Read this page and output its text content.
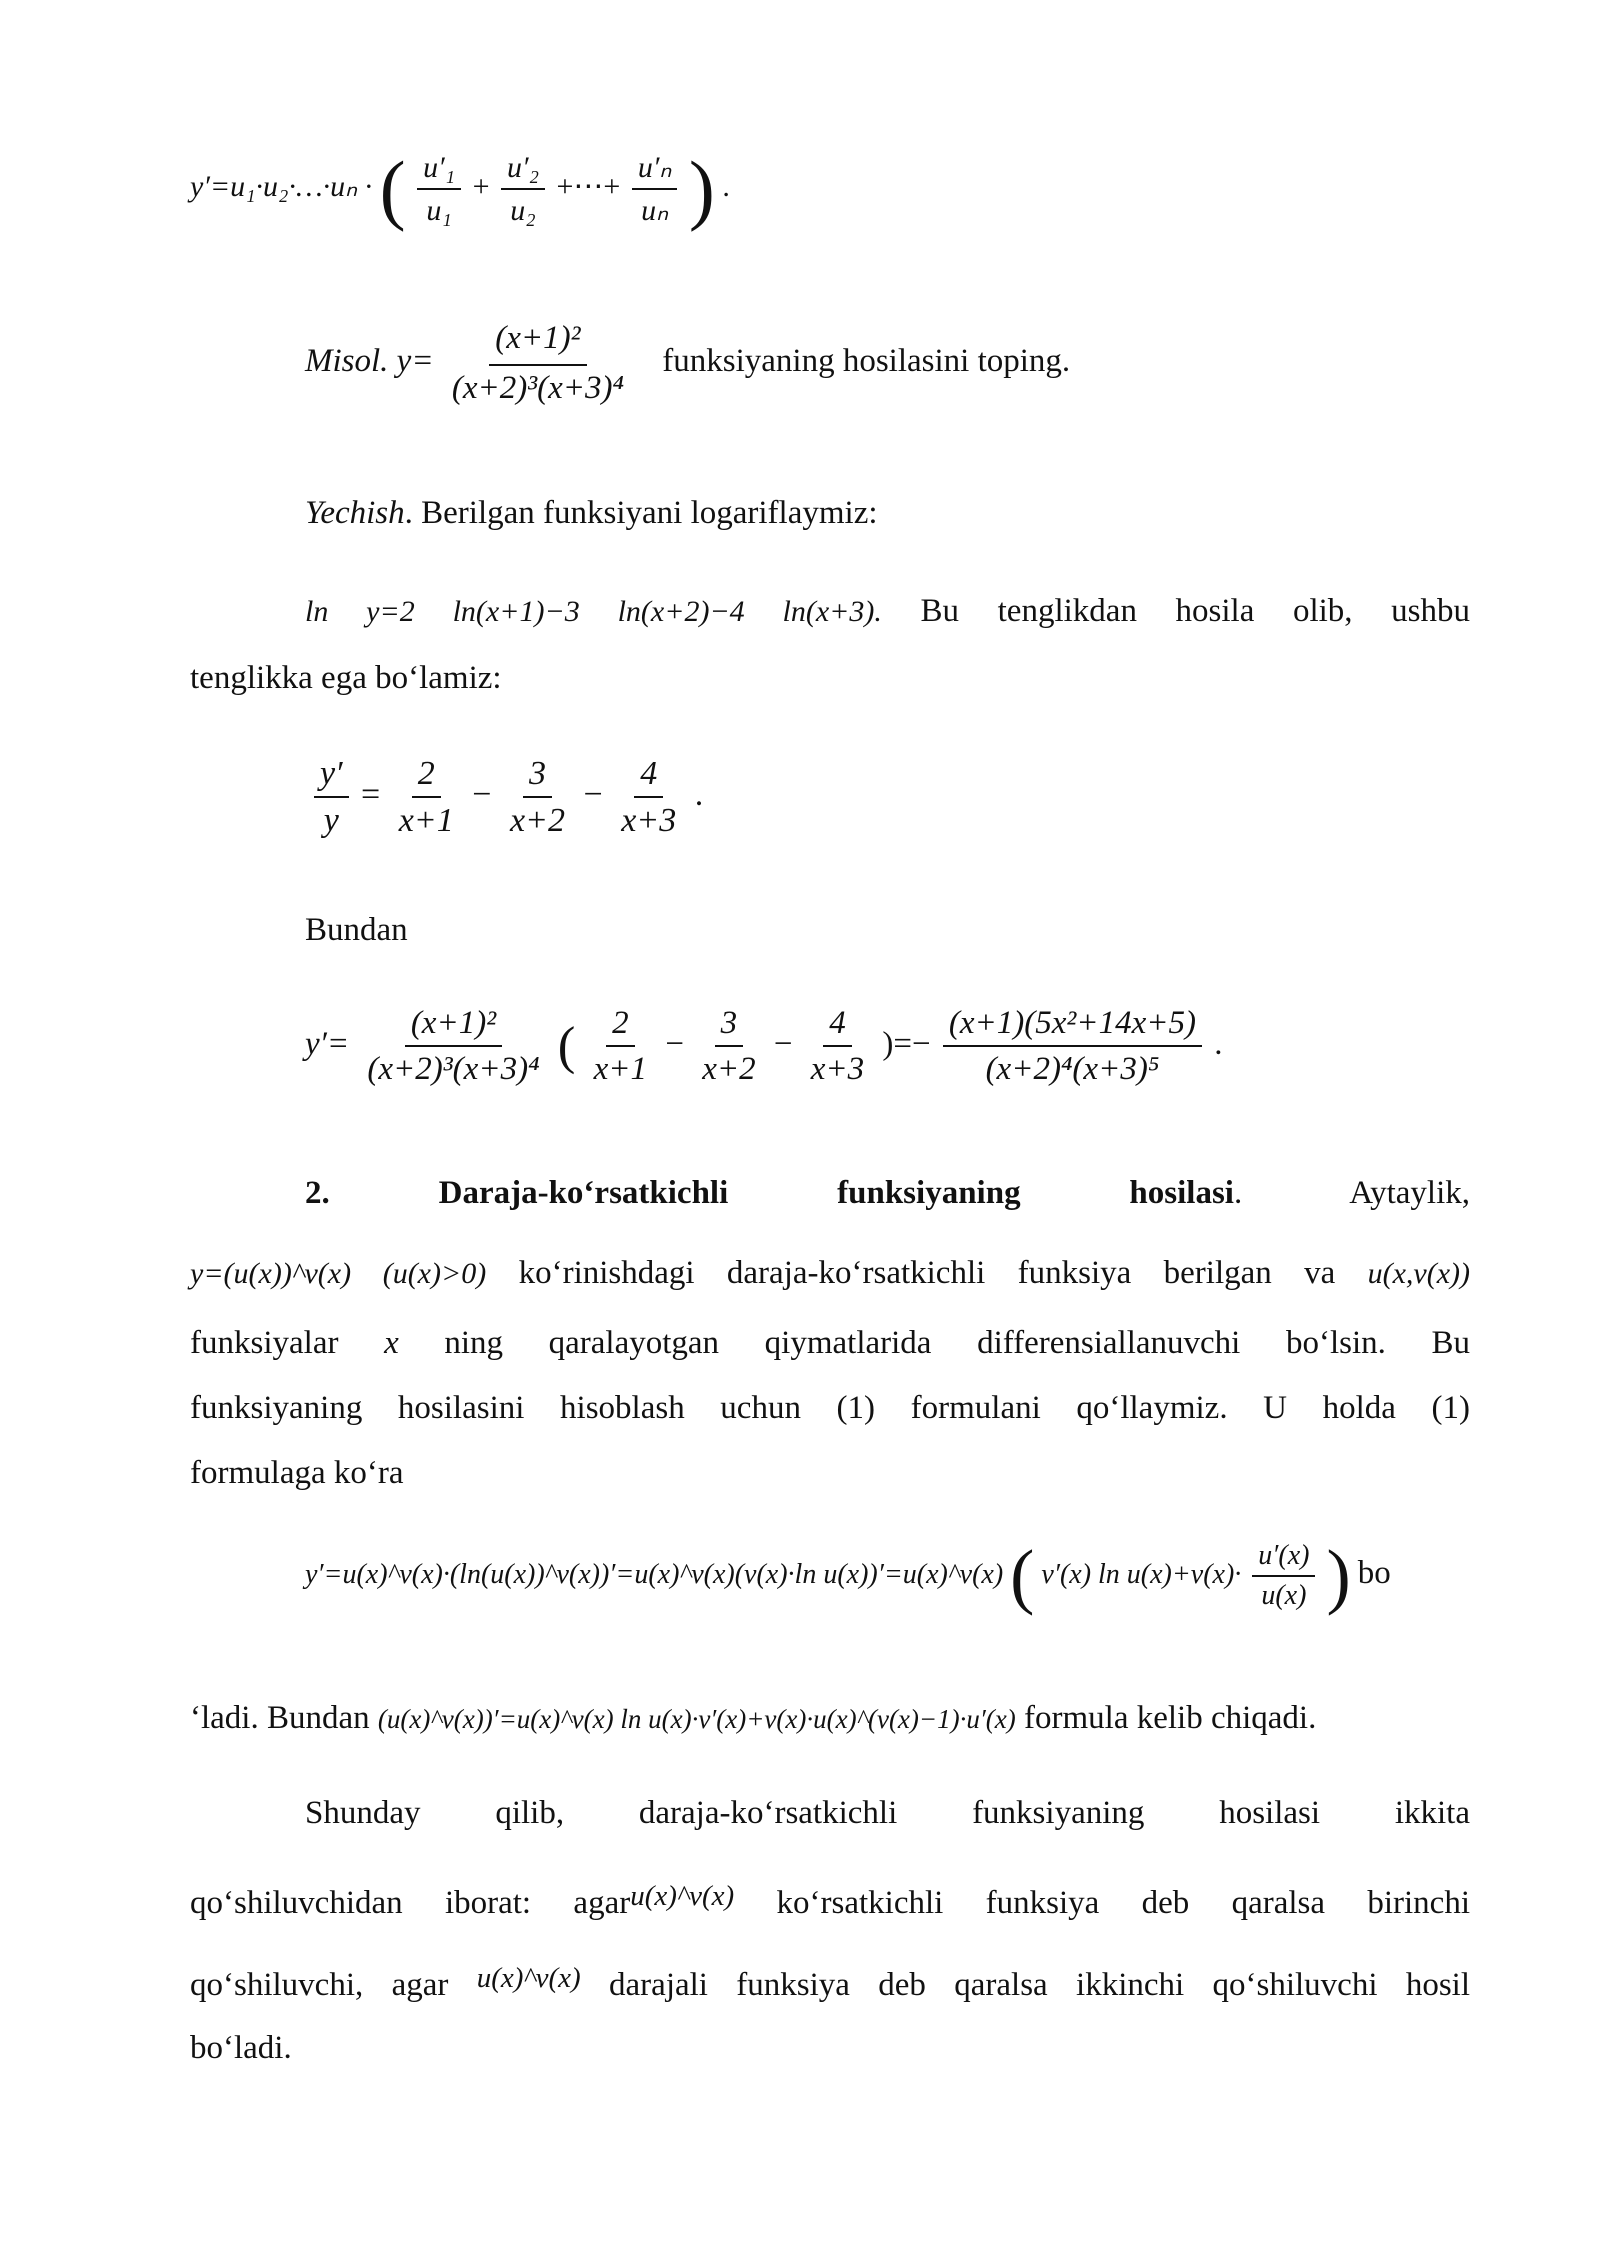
y′=u₁·u₂·…·uₙ · ( $\frac{\text{u′₁}}{\text{u₁}} + \frac{\text{u′₂}}{\text{u₂}}$ +⋯+ $\frac{\text{u′ₙ}}{\text{uₙ}}$ ) .
Misol. $y= \frac{\text{(x+1)²}}{\text{(x+2)³(x+3)⁴}}$ funksiyaning hosilasini toping.
Yechish. Berilgan funksiyani logariflaymiz:
ln y=2 ln(x+1)−3 ln(x+2)−4 ln(x+3). Bu tenglikdan hosila olib, ushbu
tenglikka ega bo‘lamiz:
$\frac{y'}{y} = \frac{2}{x+1} - \frac{3}{x+2} - \frac{4}{x+3}$ .
Bundan
$y'= \frac{\text{(x+1)²}}{\text{(x+2)³(x+3)⁴}}$ ( $\frac{2}{x+1} - \frac{3}{x+2} - \frac{4}{x+3}$ )=− $\frac{\text{(x+1)(5x²+14x+5)}}{\text{(x+2)⁴(x+3)⁵}}$ .
2.	Daraja-ko‘rsatkichli funksiyaning hosilasi. Aytaylik,
y=(u(x))^v(x) (u(x)>0) ko‘rinishdagi daraja-ko‘rsatkichli funksiya berilgan va u(x,v(x))
funksiyalar x ning qaralayotgan qiymatlarida differensiallanuvchi bo‘lsin. Bu
funksiyaning hosilasini hisoblash uchun (1) formulani qo‘llaymiz. U holda (1)
formulaga ko‘ra
y′=u(x)^v(x)·(ln(u(x))^v(x))′=u(x)^v(x)(v(x)·ln u(x))′=u(x)^v(x) ( v′(x) $\ln u(x)+v(x)\cdot \frac{u'(x)}{u(x)}$ ) bo
‘ladi. Bundan (u(x)^v(x))′=u(x)^v(x) ln u(x)·v′(x)+v(x)·u(x)^(v(x)−1)·u′(x) formula kelib chiqadi.
Shunday qilib, daraja-ko‘rsatkichli funksiyaning hosilasi ikkita
qo‘shiluvchidan iborat: agaru(x)^v(x) ko‘rsatkichli funksiya deb qaralsa birinchi
qo‘shiluvchi, agar u(x)^v(x) darajali funksiya deb qaralsa ikkinchi qo‘shiluvchi hosil
bo‘ladi.
